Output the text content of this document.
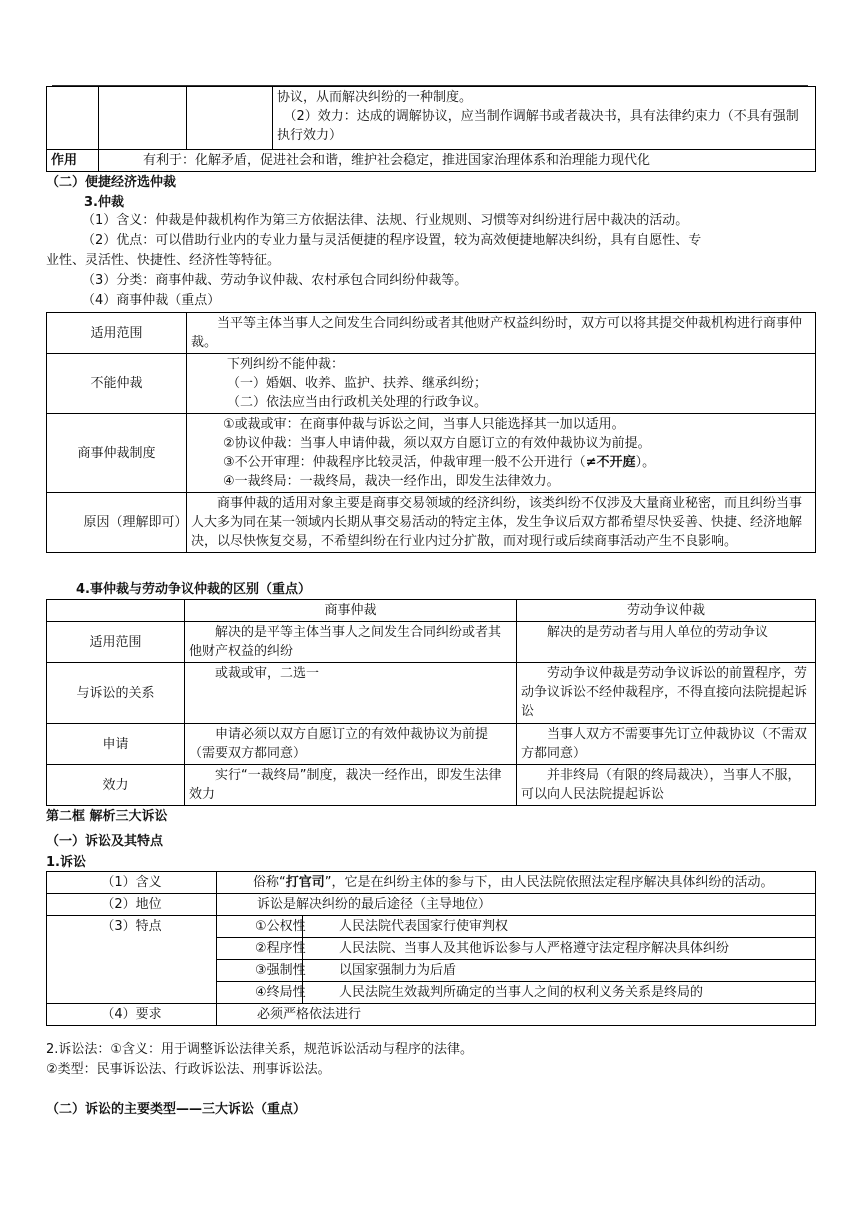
			协议，从而解决纠纷的一种制度。
（2）效力：达成的调解协议，应当制作调解书或者裁决书，具有法律约束力（不具有强制执行效力）

作用	有利于：化解矛盾，促进社会和谐，维护社会稳定，推进国家治理体系和治理能力现代化		
（二）便捷经济选仲裁
3.仲裁
（1）含义：仲裁是仲裁机构作为第三方依据法律、法规、行业规则、习惯等对纠纷进行居中裁决的活动。
（2）优点：可以借助行业内的专业力量与灵活便捷的程序设置，较为高效便捷地解决纠纷，具有自愿性、专
业性、灵活性、快捷性、经济性等特征。
（3）分类：商事仲裁、劳动争议仲裁、农村承包合同纠纷仲裁等。
（4）商事仲裁（重点）
适用范围	当平等主体当事人之间发生合同纠纷或者其他财产权益纠纷时，双方可以将其提交仲裁机构进行商事仲裁。
不能仲裁	下列纠纷不能仲裁：
（一）婚姻、收养、监护、扶养、继承纠纷；
（二）依法应当由行政机关处理的行政争议。

商事仲裁制度	①或裁或审：在商事仲裁与诉讼之间，当事人只能选择其一加以适用。
②协议仲裁：当事人申请仲裁，须以双方自愿订立的有效仲裁协议为前提。
③不公开审理：仲裁程序比较灵活，仲裁审理一般不公开进行（≠不开庭）。
④一裁终局：一裁终局，裁决一经作出，即发生法律效力。

原因（理解即可）	商事仲裁的适用对象主要是商事交易领域的经济纠纷，该类纠纷不仅涉及大量商业秘密，而且纠纷当事人大多为同在某一领域内长期从事交易活动的特定主体，发生争议后双方都希望尽快妥善、快捷、经济地解决，以尽快恢复交易，不希望纠纷在行业内过分扩散，而对现行或后续商事活动产生不良影响。
4.事仲裁与劳动争议仲裁的区别（重点）
	商事仲裁	劳动争议仲裁
适用范围	解决的是平等主体当事人之间发生合同纠纷或者其他财产权益的纠纷	解决的是劳动者与用人单位的劳动争议
与诉讼的关系	或裁或审，二选一	劳动争议仲裁是劳动争议诉讼的前置程序，劳动争议诉讼不经仲裁程序，不得直接向法院提起诉讼
申请	申请必须以双方自愿订立的有效仲裁协议为前提（需要双方都同意）	当事人双方不需要事先订立仲裁协议（不需双方都同意）
效力	实行“一裁终局”制度，裁决一经作出，即发生法律效力	并非终局（有限的终局裁决），当事人不服，可以向人民法院提起诉讼
第二框 解析三大诉讼
（一）诉讼及其特点
1.诉讼
（1）含义	俗称“打官司”，它是在纠纷主体的参与下，由人民法院依照法定程序解决具体纠纷的活动。	
（2）地位	诉讼是解决纠纷的最后途径（主导地位）	
（3）特点	①公权性	人民法院代表国家行使审判权
	②程序性	人民法院、当事人及其他诉讼参与人严格遵守法定程序解决具体纠纷
	③强制性	以国家强制力为后盾
	④终局性	人民法院生效裁判所确定的当事人之间的权利义务关系是终局的
（4）要求	必须严格依法进行	
2.诉讼法：①含义：用于调整诉讼法律关系，规范诉讼活动与程序的法律。
②类型：民事诉讼法、行政诉讼法、刑事诉讼法。
（二）诉讼的主要类型——三大诉讼（重点）
